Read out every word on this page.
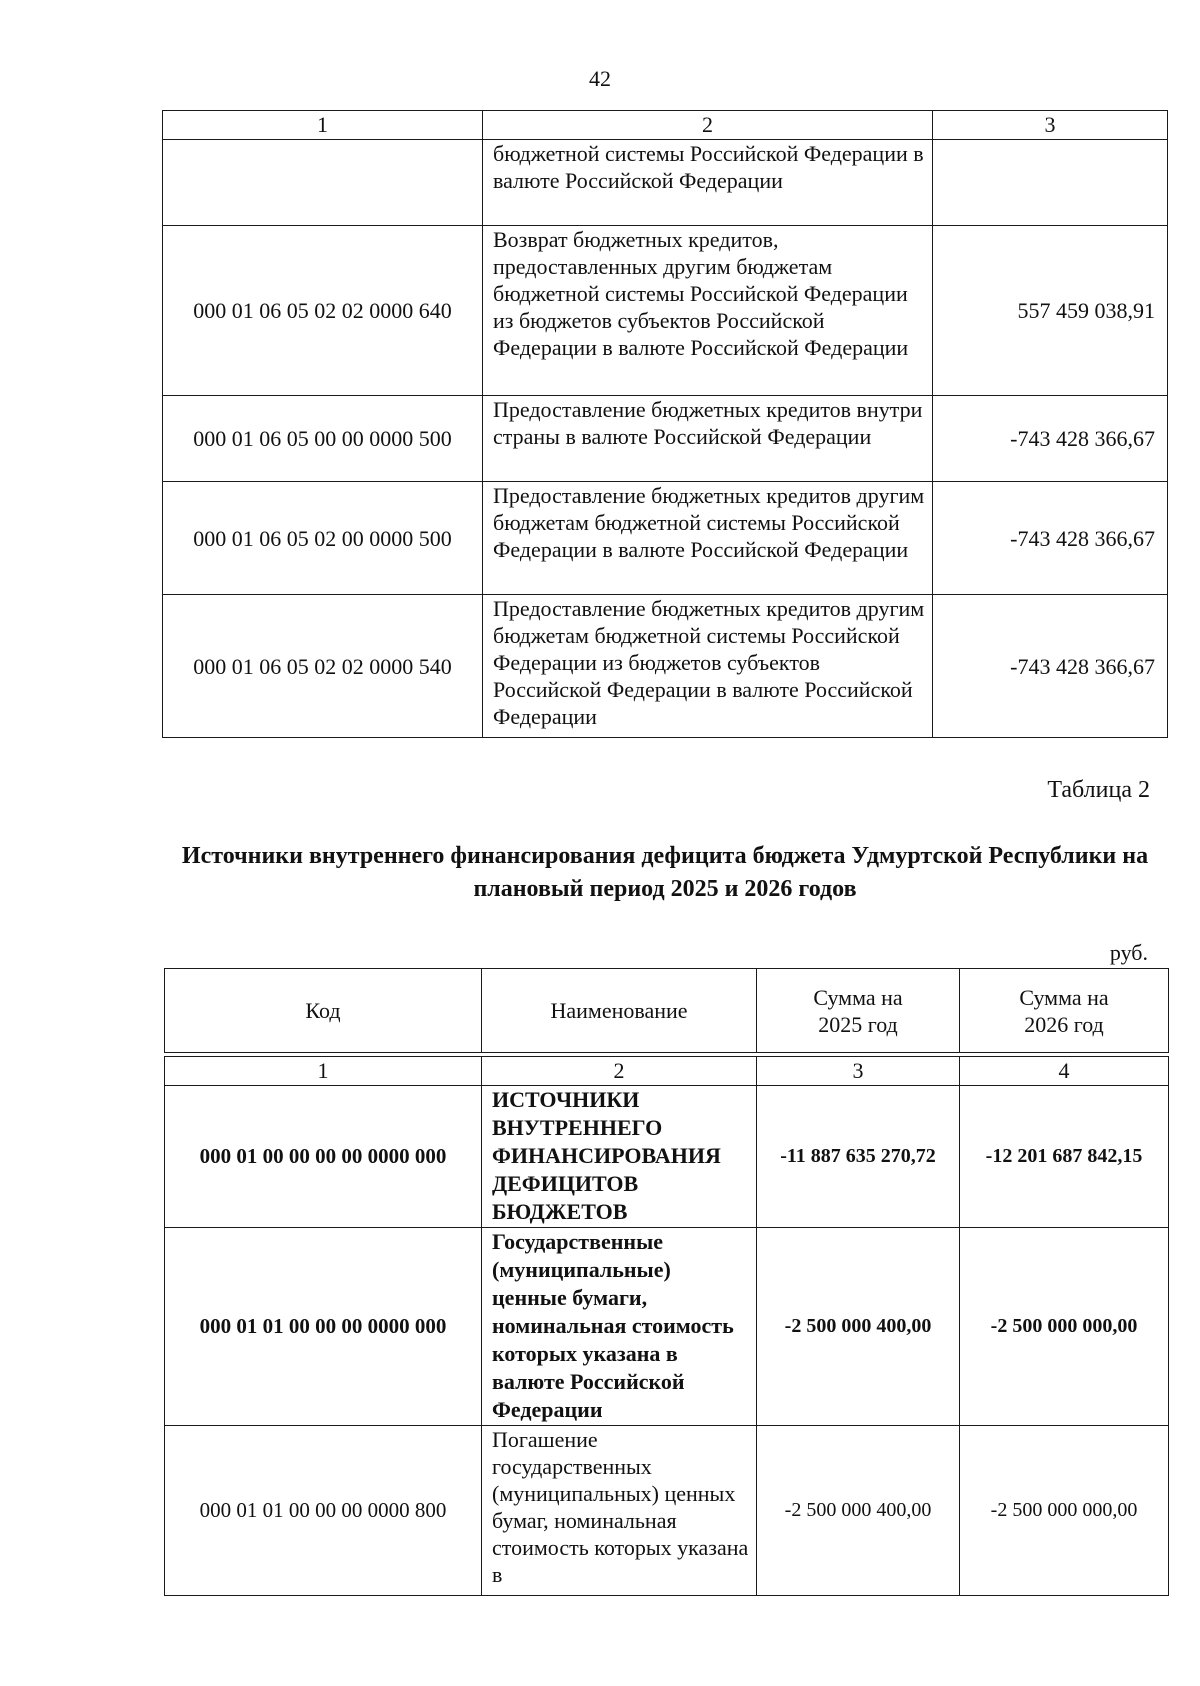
42
1	2	3
	бюджетной системы Российской Федерации в валюте Российской Федерации	
000 01 06 05 02 02 0000 640	Возврат бюджетных кредитов, предоставленных другим бюджетам бюджетной системы Российской Федерации из бюджетов субъектов Российской Федерации в валюте Российской Федерации	557 459 038,91
000 01 06 05 00 00 0000 500	Предоставление бюджетных кредитов внутри страны в валюте Российской Федерации	-743 428 366,67
000 01 06 05 02 00 0000 500	Предоставление бюджетных кредитов другим бюджетам бюджетной системы Российской Федерации в валюте Российской Федерации	-743 428 366,67
000 01 06 05 02 02 0000 540	Предоставление бюджетных кредитов другим бюджетам бюджетной системы Российской Федерации из бюджетов субъектов Российской Федерации в валюте Российской Федерации	-743 428 366,67
Таблица 2
Источники внутреннего финансирования дефицита бюджета Удмуртской Республики на плановый период 2025 и 2026 годов
руб.
Код	Наименование	Сумма на 2025 год	Сумма на 2026 год

1	2	3	4
000 01 00 00 00 00 0000 000	ИСТОЧНИКИ ВНУТРЕННЕГО ФИНАНСИРОВАНИЯ ДЕФИЦИТОВ БЮДЖЕТОВ	-11 887 635 270,72	-12 201 687 842,15
000 01 01 00 00 00 0000 000	Государственные (муниципальные) ценные бумаги, номинальная стоимость которых указана в валюте Российской Федерации	-2 500 000 400,00	-2 500 000 000,00
000 01 01 00 00 00 0000 800	Погашение государственных (муниципальных) ценных бумаг, номинальная стоимость которых указана в	-2 500 000 400,00	-2 500 000 000,00
